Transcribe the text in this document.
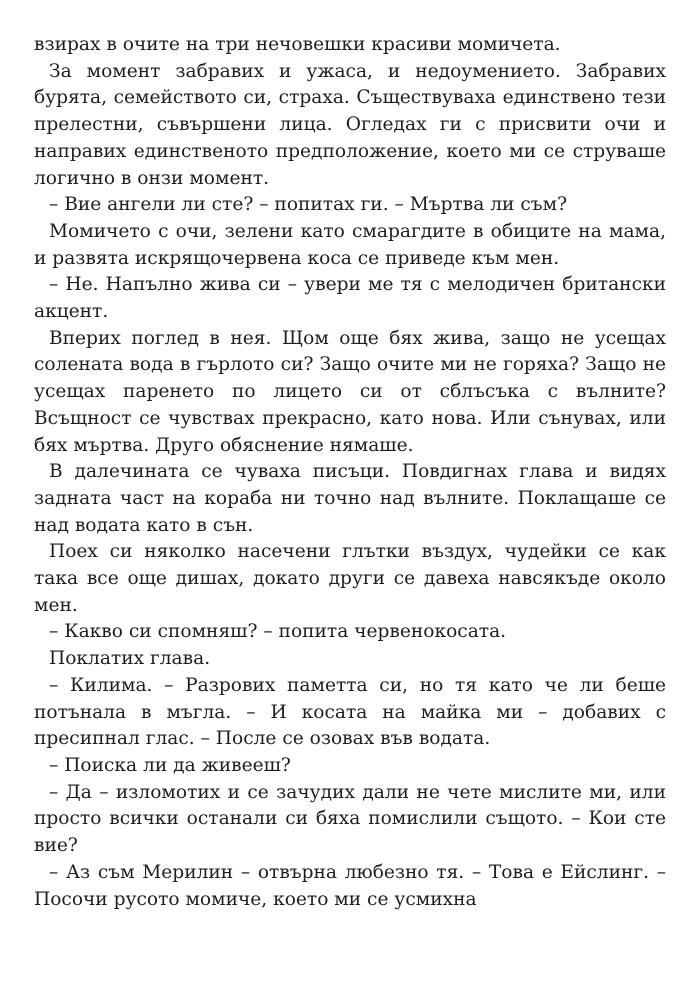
взирах в очите на три нечовешки красиви момичета.

За момент забравих и ужаса, и недоумението. Забравих бурята, семейството си, страха. Съществуваха единствено тези прелестни, съвършени лица. Огледах ги с присвити очи и направих единственото предположение, което ми се струваше логично в онзи момент.

– Вие ангели ли сте? – попитах ги. – Мъртва ли съм?

Момичето с очи, зелени като смарагдите в обиците на мама, и развята искрящочервена коса се приведе към мен.

– Не. Напълно жива си – увери ме тя с мелодичен британски акцент.

Вперих поглед в нея. Щом още бях жива, защо не усещах солената вода в гърлото си? Защо очите ми не горяха? Защо не усещах паренето по лицето си от сблъсъка с вълните? Всъщност се чувствах прекрасно, като нова. Или сънувах, или бях мъртва. Друго обяснение нямаше.

В далечината се чуваха писъци. Повдигнах глава и видях задната част на кораба ни точно над вълните. Поклащаше се над водата като в сън.

Поех си няколко насечени глътки въздух, чудейки се как така все още дишах, докато други се давеха навсякъде около мен.

– Какво си спомняш? – попита червенокосата.

Поклатих глава.

– Килима. – Разрових паметта си, но тя като че ли беше потънала в мъгла. – И косата на майка ми – добавих с пресипнал глас. – После се озовах във водата.

– Поиска ли да живееш?

– Да – изломотих и се зачудих дали не чете мислите ми, или просто всички останали си бяха помислили същото. – Кои сте вие?

– Аз съм Мерилин – отвърна любезно тя. – Това е Ейслинг. – Посочи русото момиче, което ми се усмихна
